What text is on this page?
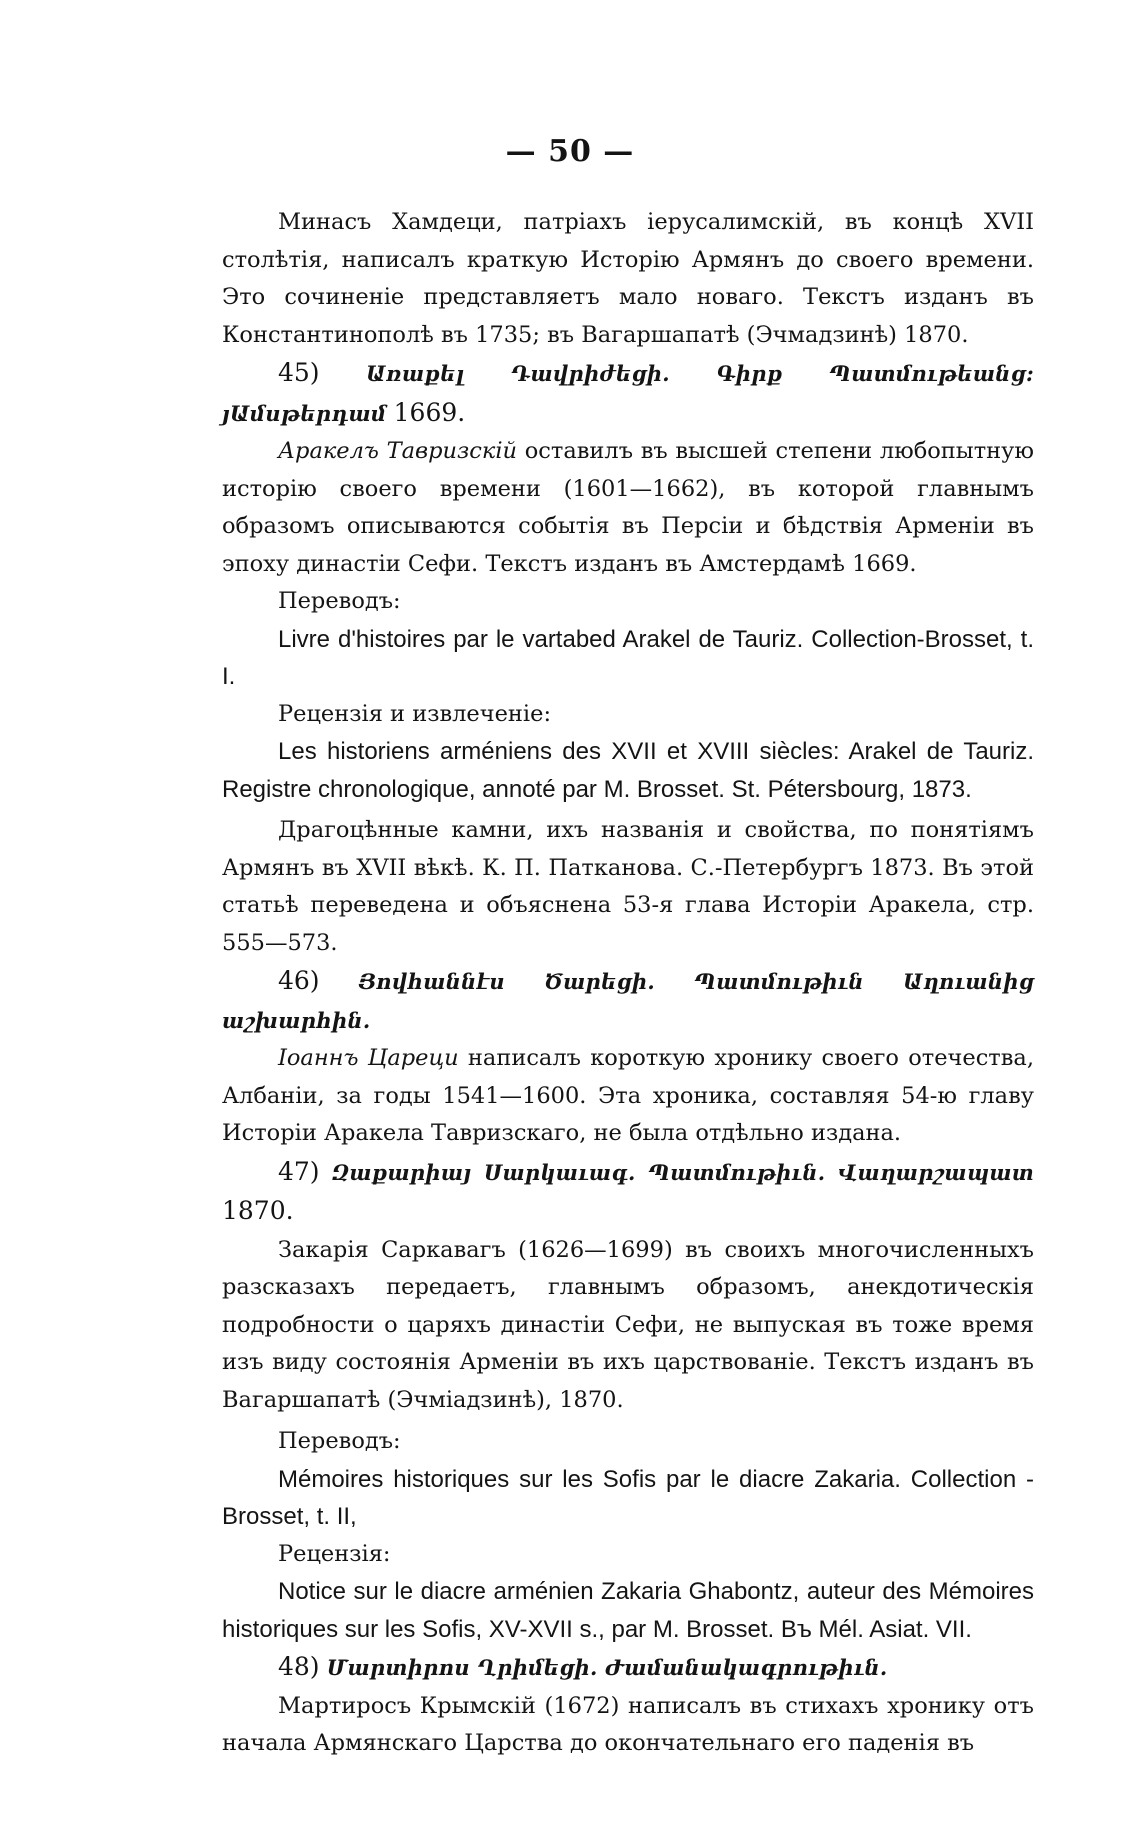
— 50 —

Минасъ Хамдеци, патріахъ іерусалимскій, въ концѣ XVII столѣтія, написалъ краткую Исторію Армянъ до своего времени. Это сочиненіе представляетъ мало новаго. Текстъ изданъ въ Константинополѣ въ 1735; въ Вагаршапатѣ (Эчмадзинѣ) 1870.

45) Առաքել Դավրիժեցի. Գիրք Պատմութեանց: յԱմսթերդամ 1669.

Аракелъ Тавризскій оставилъ въ высшей степени любопытную исторію своего времени (1601—1662), въ которой главнымъ образомъ описываются событія въ Персіи и бѣдствія Арменіи въ эпоху династіи Сефи. Текстъ изданъ въ Амстердамѣ 1669.

Переводъ:

Livre d'histoires par le vartabed Arakel de Tauriz. Collection-Brosset, t. I.

Рецензія и извлеченіе:

Les historiens arméniens des XVII et XVIII siècles: Arakel de Tauriz. Registre chronologique, annoté par M. Brosset. St. Pétersbourg, 1873.

Драгоцѣнные камни, ихъ названія и свойства, по понятіямъ Армянъ въ XVII вѣкѣ. К. П. Патканова. С.-Петербургъ 1873. Въ этой статьѣ переведена и объяснена 53-я глава Исторіи Аракела, стр. 555—573.

46) Յովհաննէս Ծարեցի. Պատմութիւն Աղուանից աշխարհին.

Іоаннъ Цареци написалъ короткую хронику своего отечества, Албаніи, за годы 1541—1600. Эта хроника, составляя 54-ю главу Исторіи Аракела Тавризскаго, не была отдѣльно издана.

47) Զաքարիայ Սարկաւագ. Պատմութիւն. Վաղարշապատ 1870.

Закарія Саркавагъ (1626—1699) въ своихъ многочисленныхъ разсказахъ передаетъ, главнымъ образомъ, анекдотическія подробности о царяхъ династіи Сефи, не выпуская въ тоже время изъ виду состоянія Арменіи въ ихъ царствованіе. Текстъ изданъ въ Вагаршапатѣ (Эчміадзинѣ), 1870.

Переводъ:

Mémoires historiques sur les Sofis par le diacre Zakaria. Collection - Brosset, t. II,

Рецензія:

Notice sur le diacre arménien Zakaria Ghabontz, auteur des Mémoires historiques sur les Sofis, XV-XVII s., par M. Brosset. Въ Mél. Asiat. VII.

48) Մարտիրոս Ղրիմեցի. Ժամանակագրութիւն.

Мартиросъ Крымскій (1672) написалъ въ стихахъ хронику отъ начала Армянскаго Царства до окончательнаго его паденія въ
